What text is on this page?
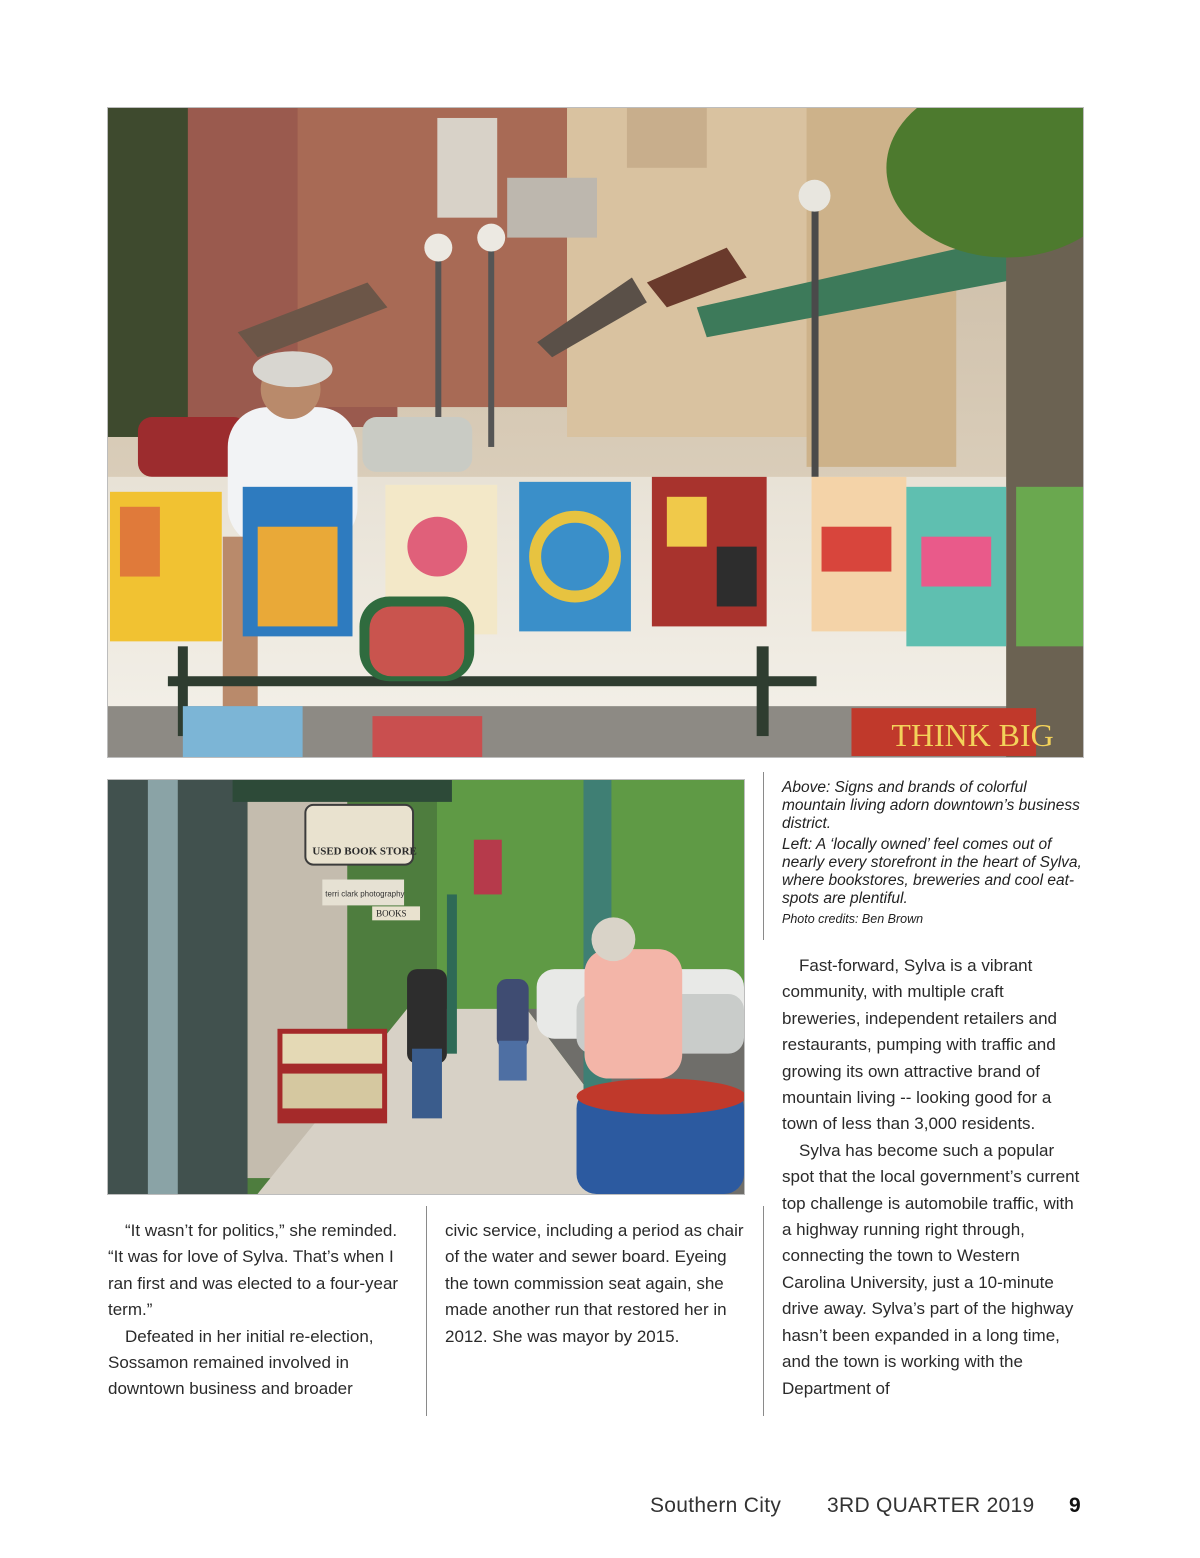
THINK BIG
USED BOOK STORE
terri clark photography
BOOKS

Above: Signs and brands of colorful mountain living adorn downtown’s business district.

Left: A ‘locally owned’ feel comes out of nearly every storefront in the heart of Sylva, where bookstores, breweries and cool eat-spots are plentiful.

Photo credits: Ben Brown

“It wasn’t for politics,” she reminded. “It was for love of Sylva. That’s when I ran first and was elected to a four-year term.”

Defeated in her initial re-election, Sossamon remained involved in downtown business and broader

civic service, including a period as chair of the water and sewer board. Eyeing the town commission seat again, she made another run that restored her in 2012. She was mayor by 2015.

Fast-forward, Sylva is a vibrant community, with multiple craft breweries, independent retailers and restaurants, pumping with traffic and growing its own attractive brand of mountain living -- looking good for a town of less than 3,000 residents.

Sylva has become such a popular spot that the local government’s current top challenge is automobile traffic, with a highway running right through, connecting the town to Western Carolina University, just a 10-minute drive away. Sylva’s part of the highway hasn’t been expanded in a long time, and the town is working with the Department of

Southern City 3RD QUARTER 2019 9
